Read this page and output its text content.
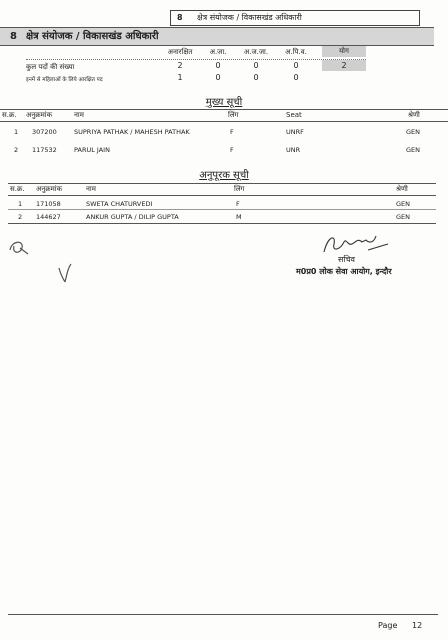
8 क्षेत्र संयोजक / विकासखंड अधिकारी
8 क्षेत्र संयोजक / विकासखंड अधिकारी
अनारक्षित	अ.जा.	अ.ज.जा.	अ.पि.व.	योग
कुल पदों की संख्या	2	0	0	0	2
इनमें से महिलाओं के लिये आरक्षित पद	1	0	0	0
मुख्य सूची
स.क्र. अनुक्रमांक	नाम	लिंग	Seat	श्रेणी
1 307200	SUPRIYA PATHAK / MAHESH PATHAK	F	UNRF	GEN
2 117532	PARUL JAIN	F	UNR	GEN
अनुपूरक सूची
स.क्र. अनुक्रमांक	नाम	लिंग	श्रेणी
1 171058	SWETA CHATURVEDI	F	GEN
2 144627	ANKUR GUPTA / DILIP GUPTA	M	GEN
सचिव
म0प्र0 लोक सेवा आयोग, इन्दौर
Page 12
